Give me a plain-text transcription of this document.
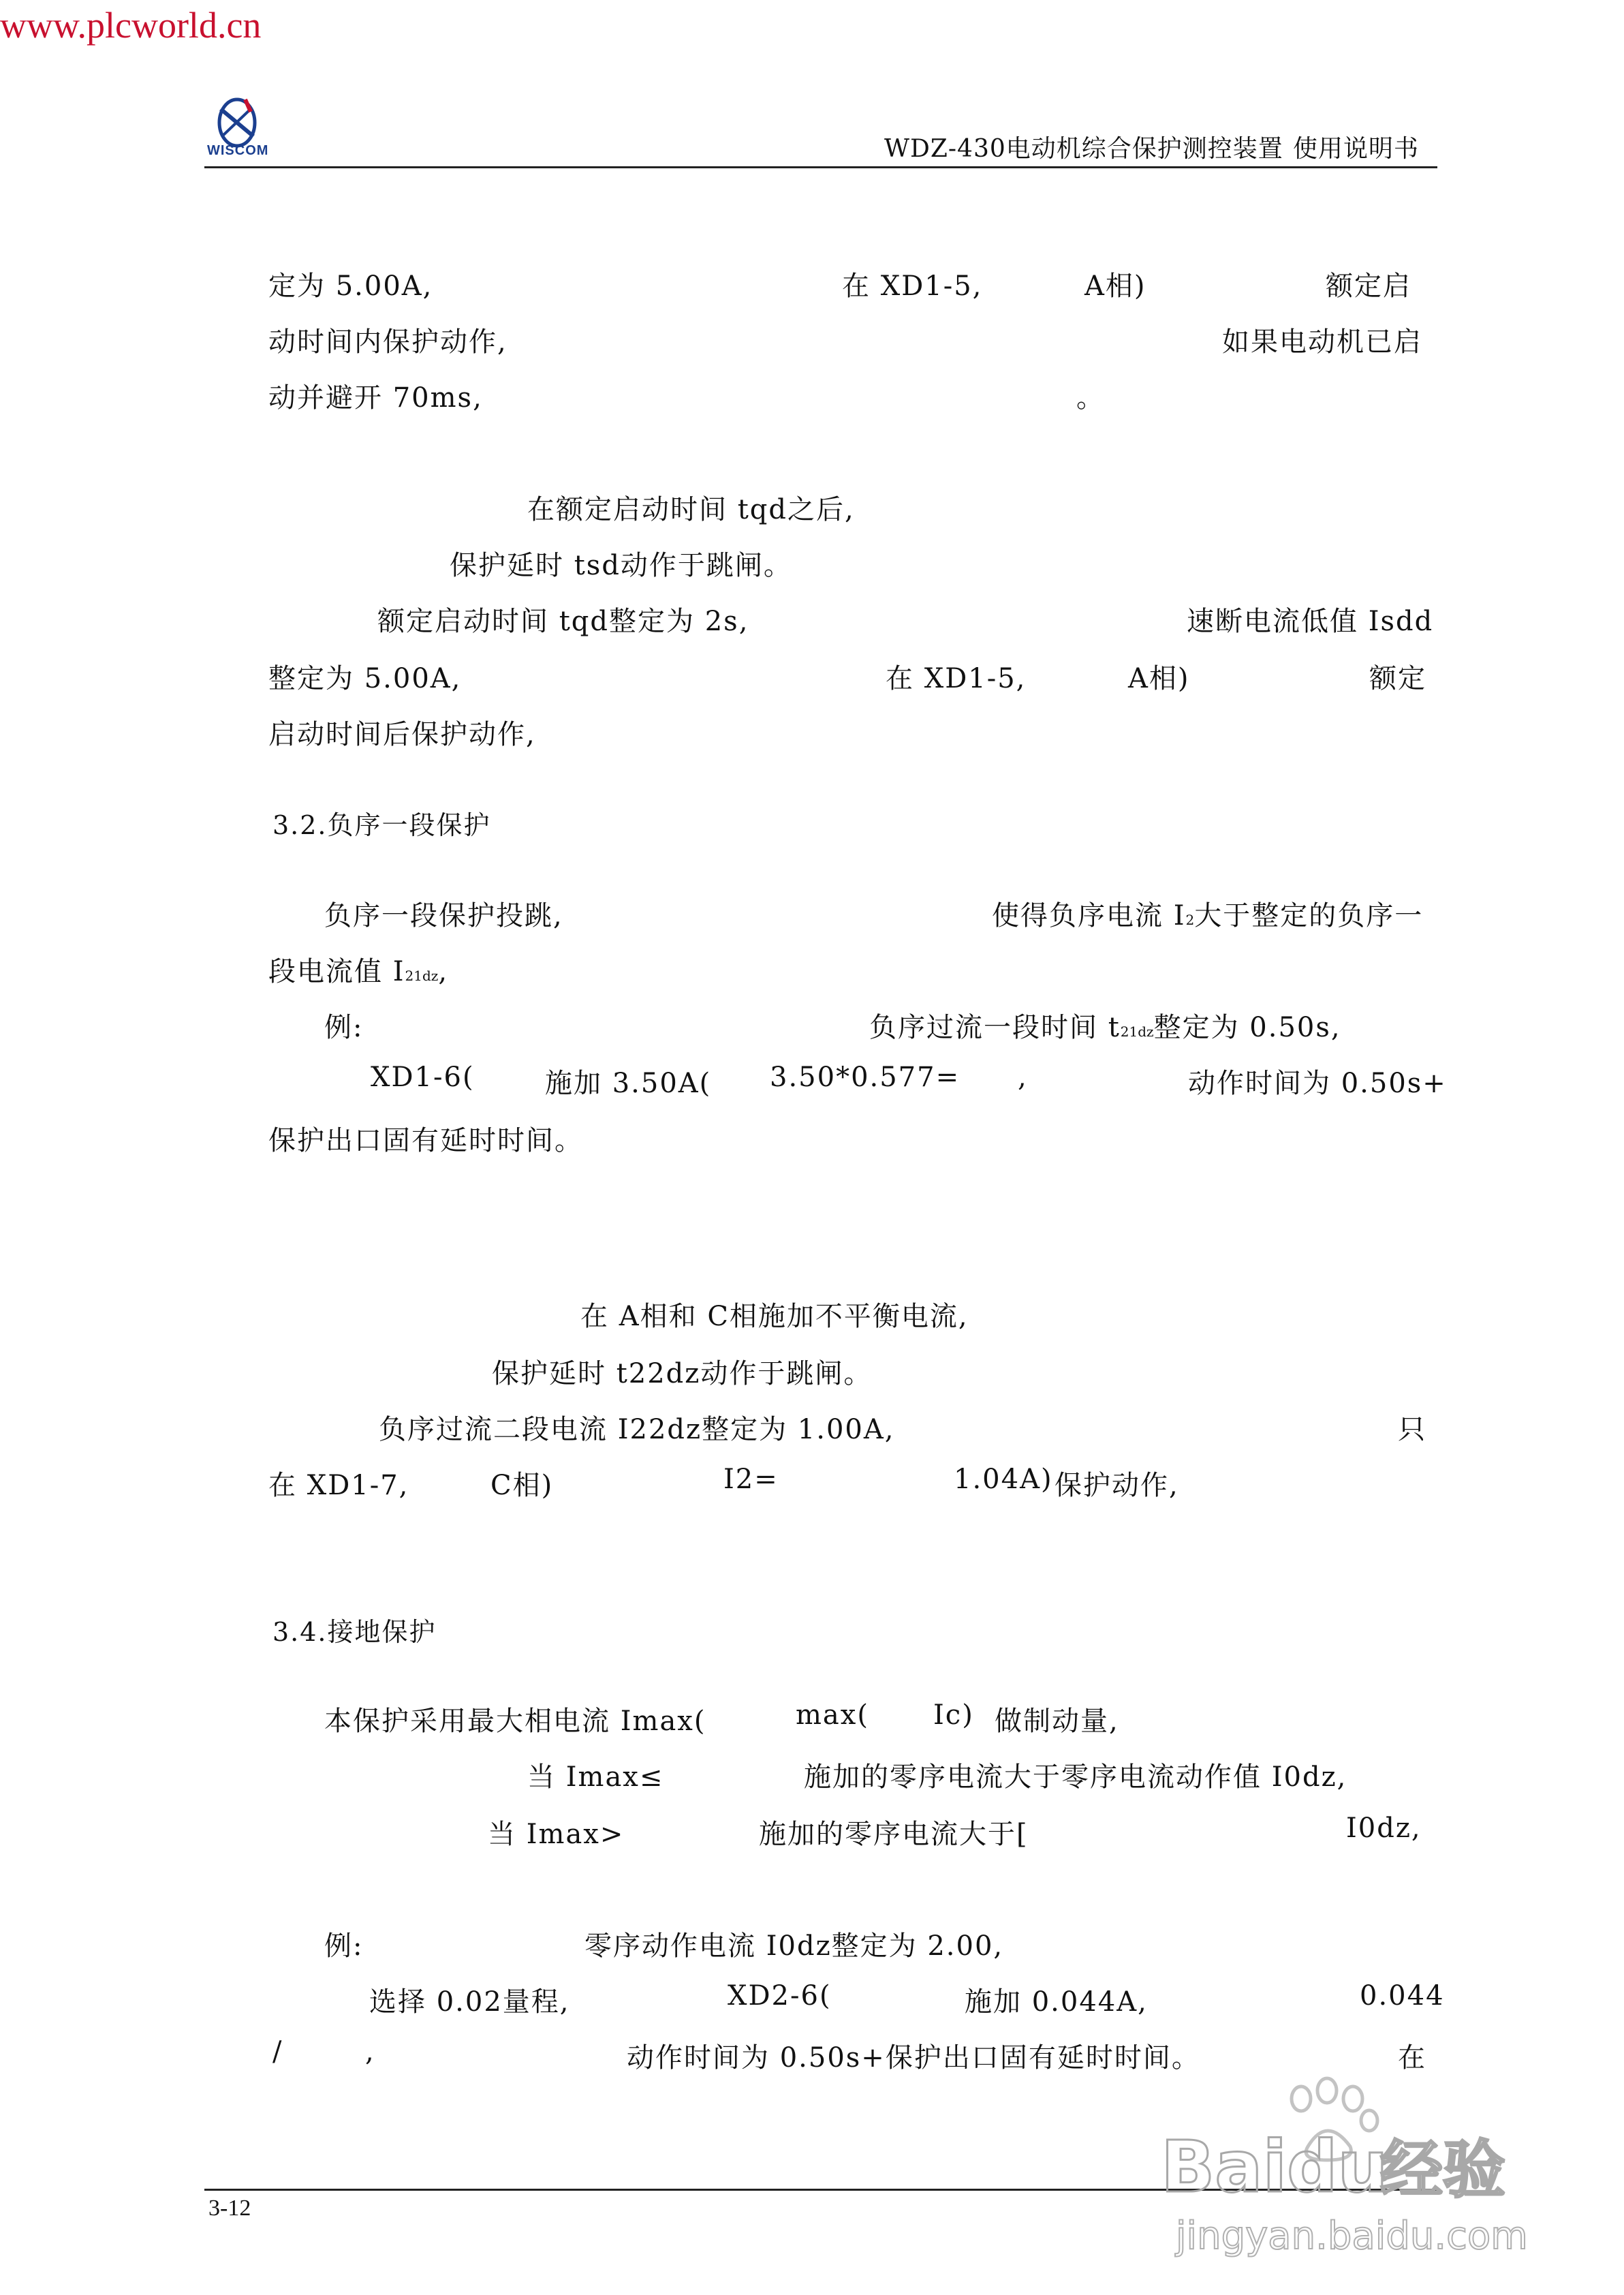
www.plcworld.cn
WISCOM	WDZ-430电动机综合保护测控装置 使用说明书
定为 5.00A,	在 XD1-5,	A相)	额定启
动时间内保护动作,	如果电动机已启
动并避开 70ms,	。
在额定启动时间 tqd之后,
保护延时 tsd动作于跳闸。
额定启动时间 tqd整定为 2s,	速断电流低值 Isdd
整定为 5.00A,	在 XD1-5,	A相)	额定
启动时间后保护动作,
3.2.负序一段保护
负序一段保护投跳,	使得负序电流 I2大于整定的负序一
段电流值 I21dz,
例:	负序过流一段时间 t21dz整定为 0.50s,
XD1-6(	施加 3.50A( 3.50*0.577= ,	动作时间为 0.50s+
保护出口固有延时时间。
在 A相和 C相施加不平衡电流,
保护延时 t22dz动作于跳闸。
负序过流二段电流 I22dz整定为 1.00A,	只
在 XD1-7,	C相)	I2=	1.04A) 保护动作,
3.4.接地保护
本保护采用最大相电流 Imax(	max( Ic) 做制动量,
当 Imax≤	施加的零序电流大于零序电流动作值 I0dz,
当 Imax>	施加的零序电流大于[	I0dz,
例:	零序动作电流 I0dz整定为 2.00,
选择 0.02量程,	XD2-6(	施加 0.044A,	0.044
/	,	动作时间为 0.50s+保护出口固有延时时间。	在
3-12	Baidu
经验
jingyan.baidu.com
